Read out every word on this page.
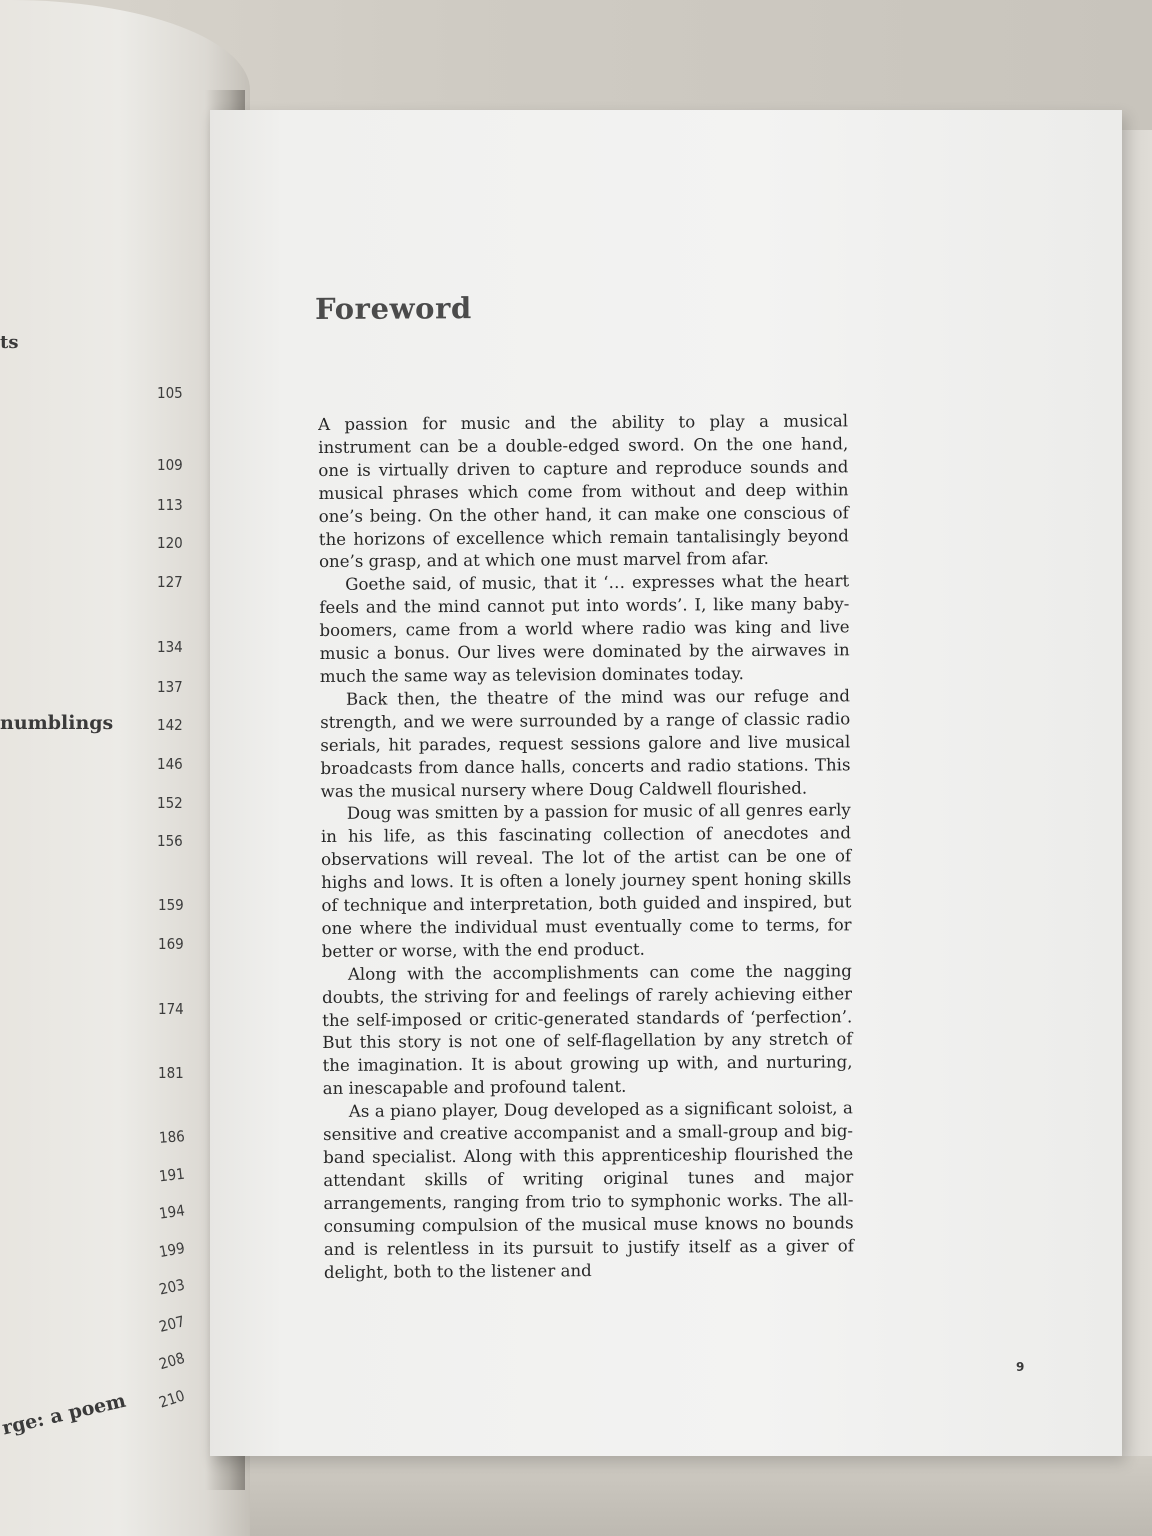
ts
numblings
rge: a poem
105
109
113
120
127
134
137
142
146
152
156
159
169
174
181
186
191
194
199
203
207
208
210
Foreword

A passion for music and the ability to play a musical instrument can be a double-edged sword. On the one hand, one is virtually driven to capture and reproduce sounds and musical phrases which come from without and deep within one’s being. On the other hand, it can make one conscious of the horizons of excellence which remain tantalisingly beyond one’s grasp, and at which one must marvel from afar.

Goethe said, of music, that it ‘… expresses what the heart feels and the mind cannot put into words’. I, like many baby-boomers, came from a world where radio was king and live music a bonus. Our lives were dominated by the airwaves in much the same way as television dominates today.

Back then, the theatre of the mind was our refuge and strength, and we were surrounded by a range of classic radio serials, hit parades, request sessions galore and live musical broadcasts from dance halls, concerts and radio stations. This was the musical nursery where Doug Caldwell flourished.

Doug was smitten by a passion for music of all genres early in his life, as this fascinating collection of anecdotes and observations will reveal. The lot of the artist can be one of highs and lows. It is often a lonely journey spent honing skills of technique and interpretation, both guided and inspired, but one where the individual must eventually come to terms, for better or worse, with the end product.

Along with the accomplishments can come the nagging doubts, the striving for and feelings of rarely achieving either the self-imposed or critic-generated standards of ‘perfection’. But this story is not one of self-flagellation by any stretch of the imagination. It is about growing up with, and nurturing, an inescapable and profound talent.

As a piano player, Doug developed as a significant soloist, a sensitive and creative accompanist and a small-group and big-band specialist. Along with this apprenticeship flourished the attendant skills of writing original tunes and major arrangements, ranging from trio to symphonic works. The all-consuming compulsion of the musical muse knows no bounds and is relentless in its pursuit to justify itself as a giver of delight, both to the listener and

9
